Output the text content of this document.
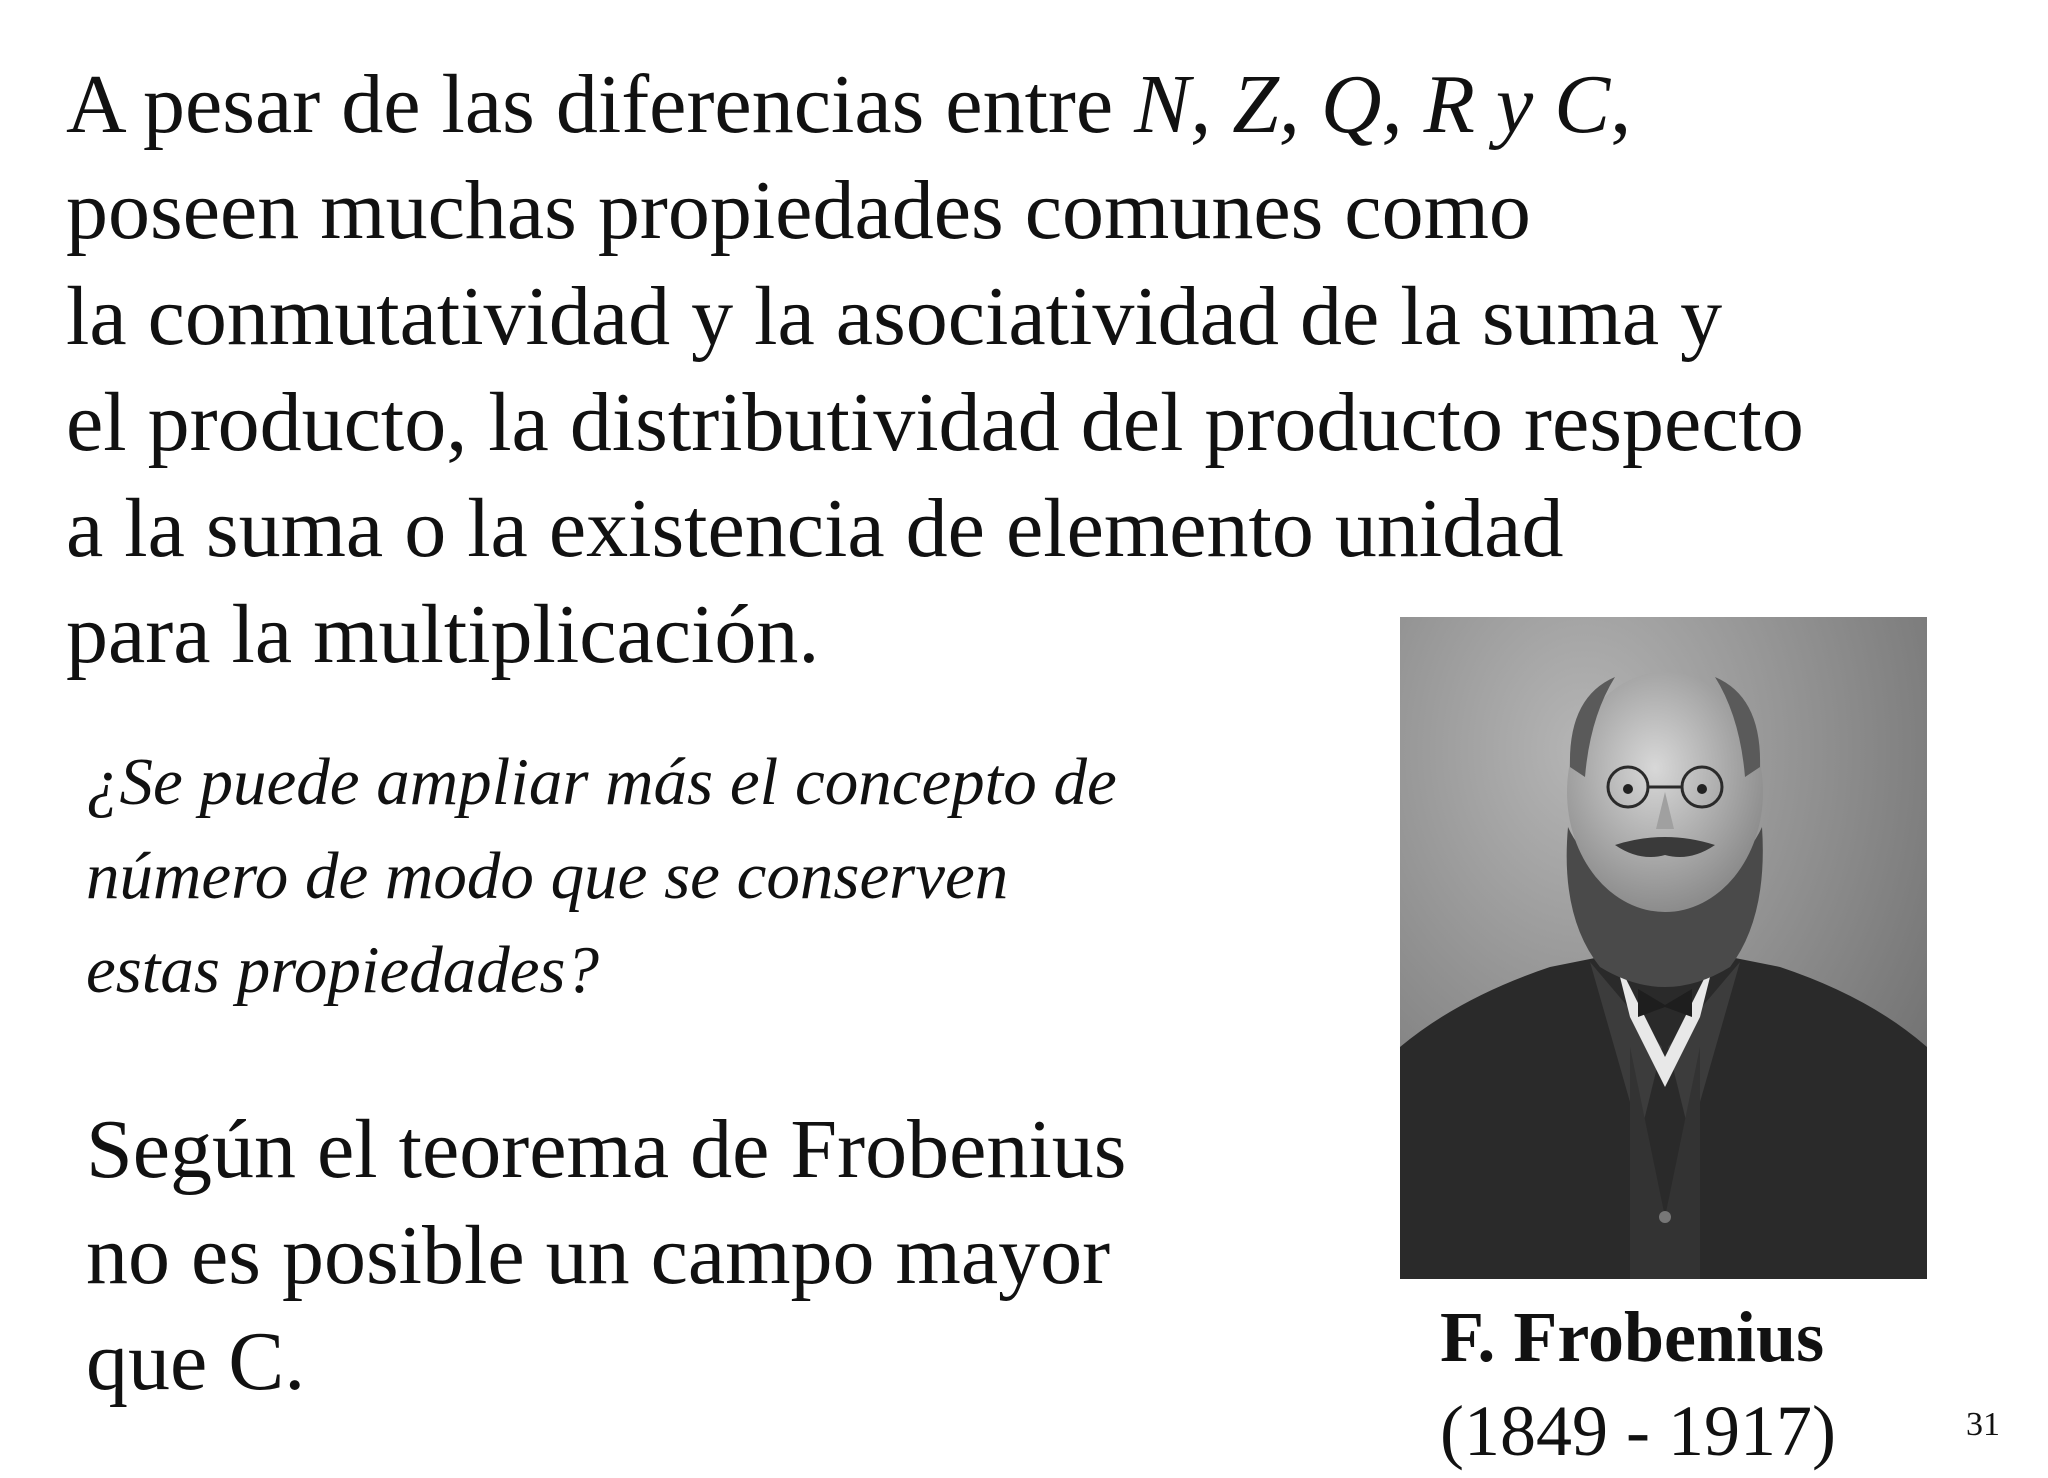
A pesar de las diferencias entre N, Z, Q, R y C,
poseen muchas propiedades comunes como
la conmutatividad y la asociatividad de la suma y
el producto, la distributividad del producto respecto
a la suma o la existencia de elemento unidad
para la multiplicación.

¿Se puede ampliar más el concepto de
número de modo que se conserven
estas propiedades?

Según el teorema de Frobenius
no es posible un campo mayor
que C.	F. Frobenius
(1849 - 1917)	31
